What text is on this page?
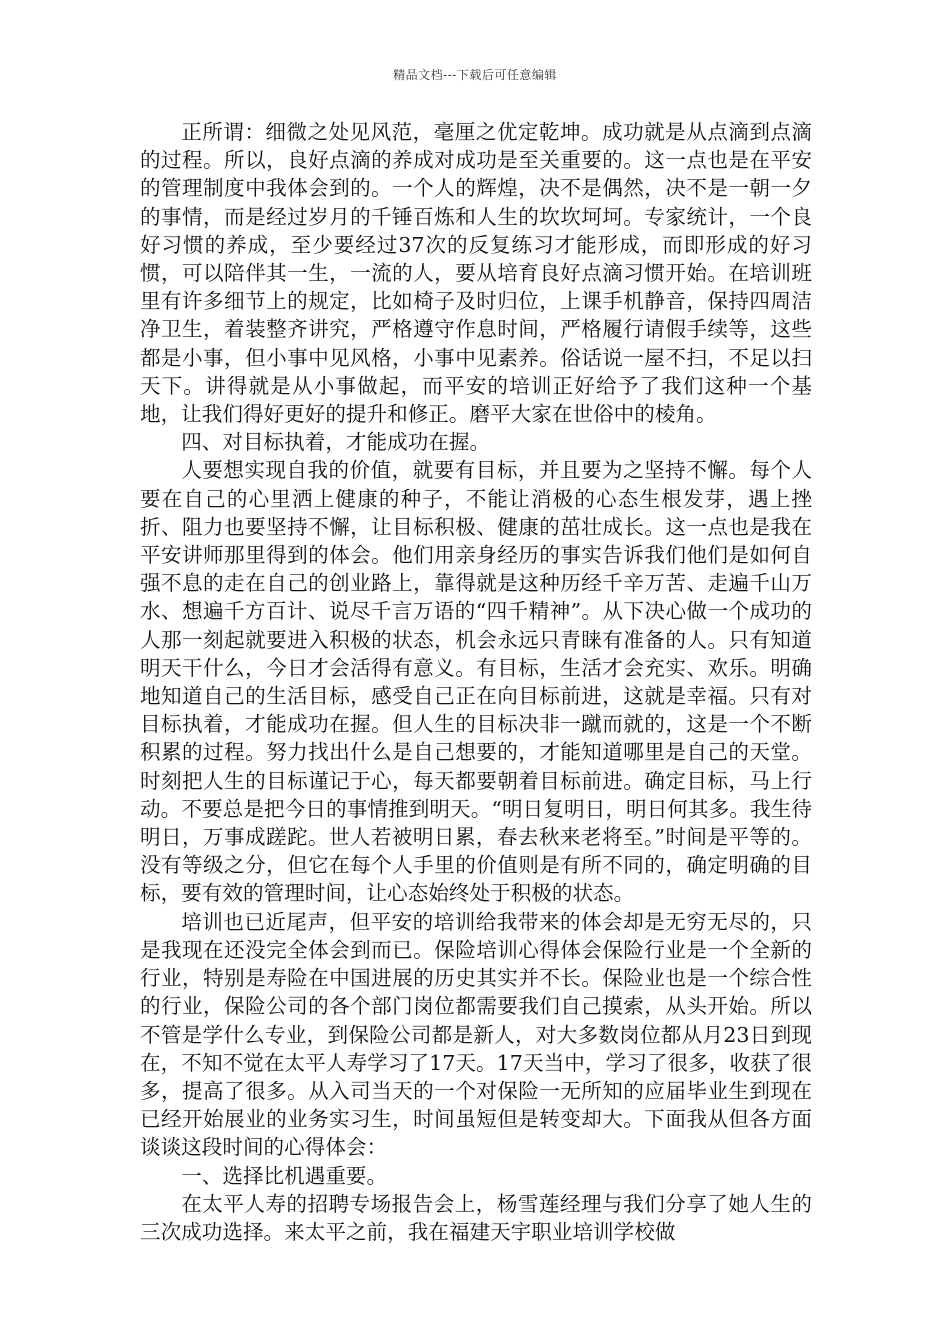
精品文档---下载后可任意编辑

正所谓：细微之处见风范，毫厘之优定乾坤。成功就是从点滴到点滴的过程。所以，良好点滴的养成对成功是至关重要的。这一点也是在平安的管理制度中我体会到的。一个人的辉煌，决不是偶然，决不是一朝一夕的事情，而是经过岁月的千锤百炼和人生的坎坎坷坷。专家统计，一个良好习惯的养成，至少要经过37次的反复练习才能形成，而即形成的好习惯，可以陪伴其一生，一流的人，要从培育良好点滴习惯开始。在培训班里有许多细节上的规定，比如椅子及时归位，上课手机静音，保持四周洁净卫生，着装整齐讲究，严格遵守作息时间，严格履行请假手续等，这些都是小事，但小事中见风格，小事中见素养。俗话说一屋不扫，不足以扫天下。讲得就是从小事做起，而平安的培训正好给予了我们这种一个基地，让我们得好更好的提升和修正。磨平大家在世俗中的棱角。

四、对目标执着，才能成功在握。

人要想实现自我的价值，就要有目标，并且要为之坚持不懈。每个人要在自己的心里洒上健康的种子，不能让消极的心态生根发芽，遇上挫折、阻力也要坚持不懈，让目标积极、健康的茁壮成长。这一点也是我在平安讲师那里得到的体会。他们用亲身经历的事实告诉我们他们是如何自强不息的走在自己的创业路上，靠得就是这种历经千辛万苦、走遍千山万水、想遍千方百计、说尽千言万语的“四千精神”。从下决心做一个成功的人那一刻起就要进入积极的状态，机会永远只青睐有准备的人。只有知道明天干什么，今日才会活得有意义。有目标，生活才会充实、欢乐。明确地知道自己的生活目标，感受自己正在向目标前进，这就是幸福。只有对目标执着，才能成功在握。但人生的目标决非一蹴而就的，这是一个不断积累的过程。努力找出什么是自己想要的，才能知道哪里是自己的天堂。时刻把人生的目标谨记于心，每天都要朝着目标前进。确定目标，马上行动。不要总是把今日的事情推到明天。“明日复明日，明日何其多。我生待明日，万事成蹉跎。世人若被明日累，春去秋来老将至。”时间是平等的。没有等级之分，但它在每个人手里的价值则是有所不同的，确定明确的目标，要有效的管理时间，让心态始终处于积极的状态。

培训也已近尾声，但平安的培训给我带来的体会却是无穷无尽的，只是我现在还没完全体会到而已。保险培训心得体会保险行业是一个全新的行业，特别是寿险在中国进展的历史其实并不长。保险业也是一个综合性的行业，保险公司的各个部门岗位都需要我们自己摸索，从头开始。所以不管是学什么专业，到保险公司都是新人，对大多数岗位都从月23日到现在，不知不觉在太平人寿学习了17天。17天当中，学习了很多，收获了很多，提高了很多。从入司当天的一个对保险一无所知的应届毕业生到现在已经开始展业的业务实习生，时间虽短但是转变却大。下面我从但各方面谈谈这段时间的心得体会：

一、选择比机遇重要。

在太平人寿的招聘专场报告会上，杨雪莲经理与我们分享了她人生的三次成功选择。来太平之前，我在福建天宇职业培训学校做
